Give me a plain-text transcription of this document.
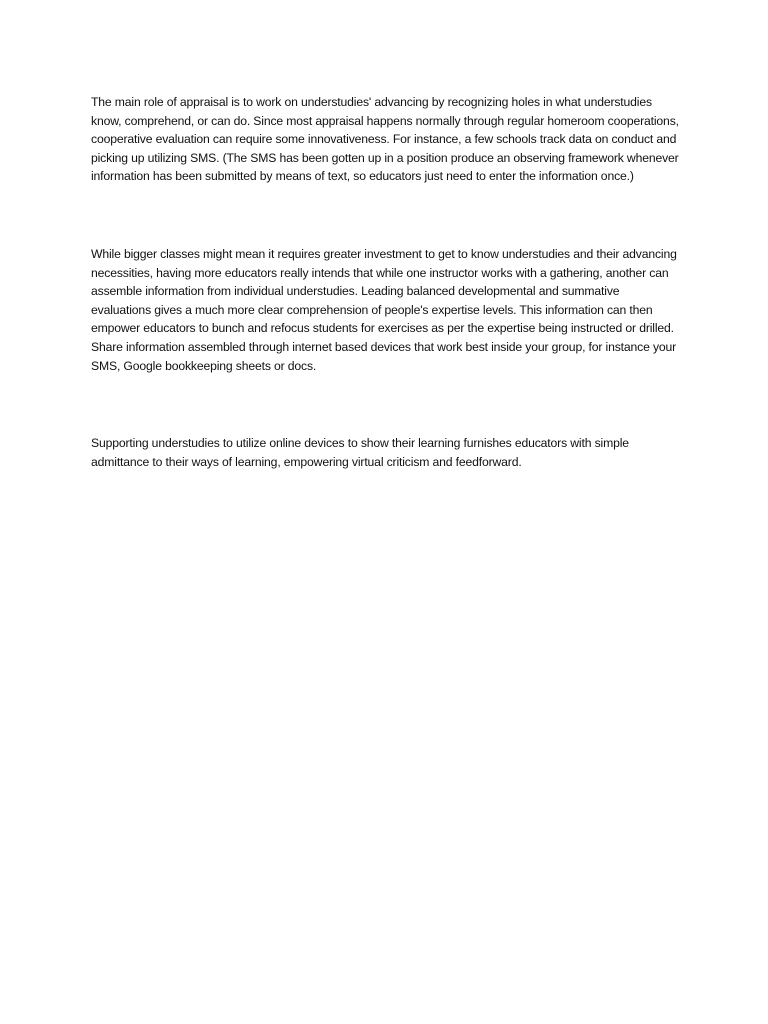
The main role of appraisal is to work on understudies' advancing by recognizing holes in what understudies know, comprehend, or can do. Since most appraisal happens normally through regular homeroom cooperations, cooperative evaluation can require some innovativeness. For instance, a few schools track data on conduct and picking up utilizing SMS. (The SMS has been gotten up in a position produce an observing framework whenever information has been submitted by means of text, so educators just need to enter the information once.)

While bigger classes might mean it requires greater investment to get to know understudies and their advancing necessities, having more educators really intends that while one instructor works with a gathering, another can assemble information from individual understudies. Leading balanced developmental and summative evaluations gives a much more clear comprehension of people's expertise levels. This information can then empower educators to bunch and refocus students for exercises as per the expertise being instructed or drilled. Share information assembled through internet based devices that work best inside your group, for instance your SMS, Google bookkeeping sheets or docs.

Supporting understudies to utilize online devices to show their learning furnishes educators with simple admittance to their ways of learning, empowering virtual criticism and feedforward.
